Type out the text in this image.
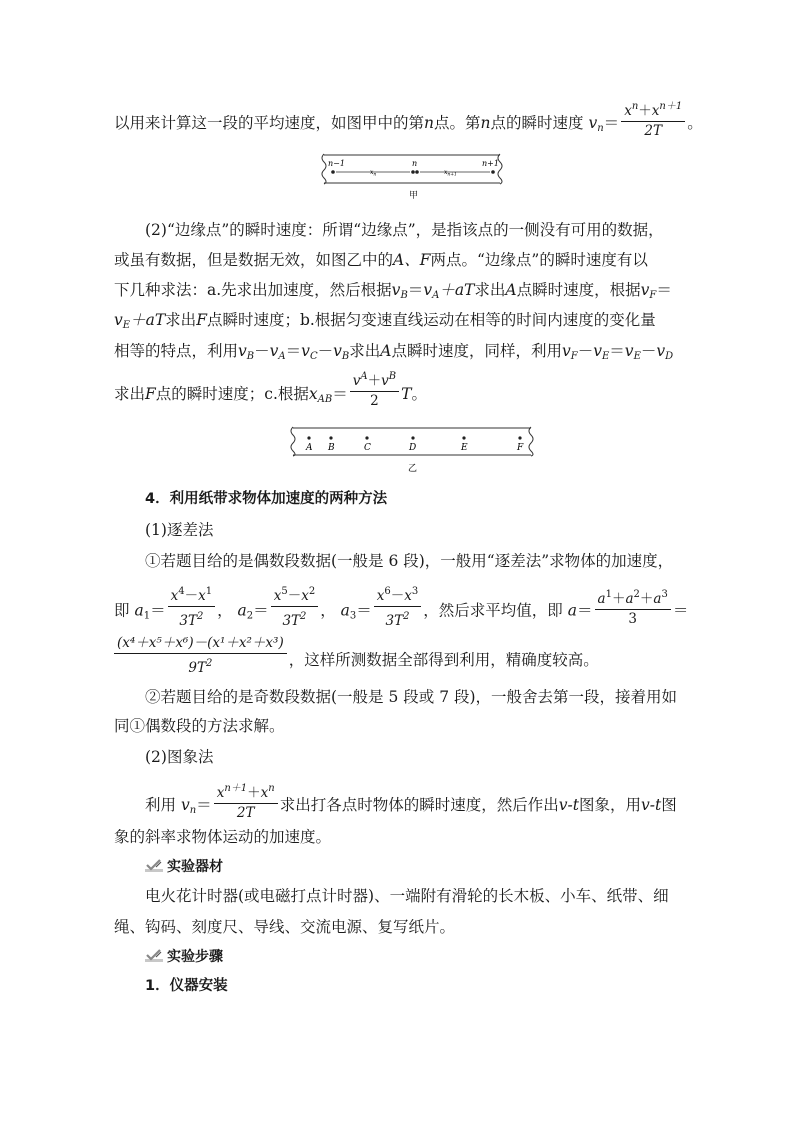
以用来计算这一段的平均速度，如图甲中的第n点。第n点的瞬时速度 $v_n= \frac{x^n+x^{n+1}}{2T}$ 。
n−1	n	n+1
$x_n$	$x_{n+1}$
甲
(2)“边缘点”的瞬时速度：所谓“边缘点”，是指该点的一侧没有可用的数据，
或虽有数据，但是数据无效，如图乙中的A、F两点。“边缘点”的瞬时速度有以
下几种求法：a.先求出加速度，然后根据$v_B=v_A+aT$求出A点瞬时速度，根据$v_F=$
$v_E+aT$求出F点瞬时速度；b.根据匀变速直线运动在相等的时间内速度的变化量
相等的特点，利用$v_B-v_A=v_C-v_B$求出A点瞬时速度，同样，利用$v_F-v_E=v_E-v_D$
求出F点的瞬时速度；c.根据$x_{AB}= \frac{v^A+v^B}{2}$ T。
A B	C	D	E	F
乙
4．利用纸带求物体加速度的两种方法
(1)逐差法
①若题目给的是偶数段数据(一般是 6 段)，一般用“逐差法”求物体的加速度，
即 $a_1= \frac{x^4-x^1}{3T^2}$ ， $a_2= \frac{x^5-x^2}{3T^2}$ ， $a_3= \frac{x^6-x^3}{3T^2}$ ，然后求平均值，即 $a= \frac{a^1+a^2+a^3}{3}$ ＝
$\frac{\text{(x⁴＋x⁵＋x⁶)－(x¹＋x²＋x³)}}{9T^2}$ ，这样所测数据全部得到利用，精确度较高。
②若题目给的是奇数段数据(一般是 5 段或 7 段)，一般舍去第一段，接着用如
同①偶数段的方法求解。
(2)图象法
利用 $v_n= \frac{x^{n+1}+x^n}{2T}$ 求出打各点时物体的瞬时速度，然后作出v-t图象，用v-t图
象的斜率求物体运动的加速度。
实验器材
电火花计时器(或电磁打点计时器)、一端附有滑轮的长木板、小车、纸带、细
绳、钩码、刻度尺、导线、交流电源、复写纸片。
实验步骤
1．仪器安装
